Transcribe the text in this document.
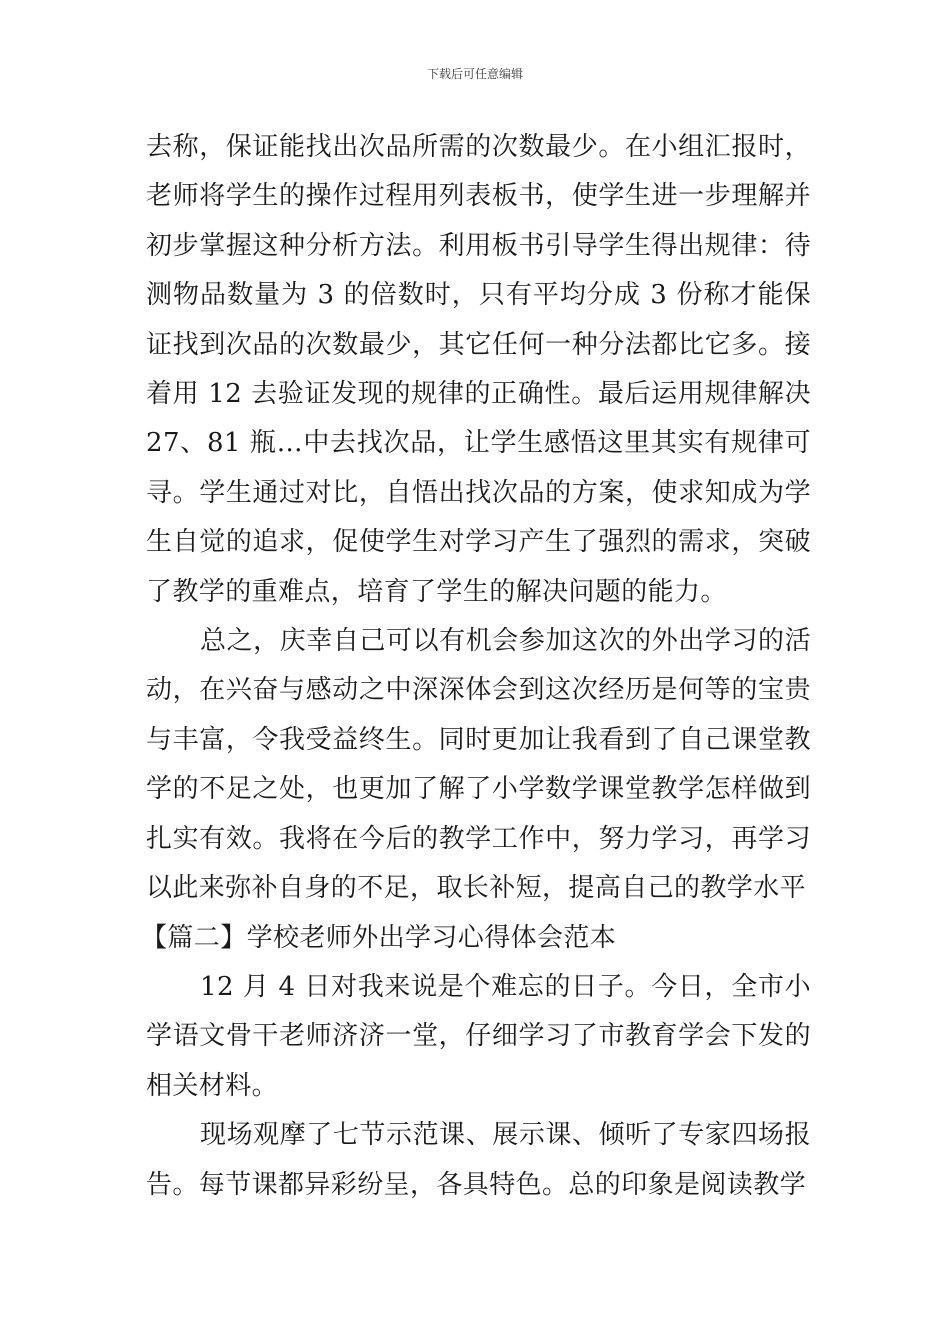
下载后可任意编辑

去称，保证能找出次品所需的次数最少。在小组汇报时，老师将学生的操作过程用列表板书，使学生进一步理解并初步掌握这种分析方法。利用板书引导学生得出规律：待测物品数量为 3 的倍数时，只有平均分成 3 份称才能保证找到次品的次数最少，其它任何一种分法都比它多。接着用 12 去验证发现的规律的正确性。最后运用规律解决 27、81 瓶…中去找次品，让学生感悟这里其实有规律可寻。学生通过对比，自悟出找次品的方案，使求知成为学生自觉的追求，促使学生对学习产生了强烈的需求，突破了教学的重难点，培育了学生的解决问题的能力。

总之，庆幸自己可以有机会参加这次的外出学习的活动，在兴奋与感动之中深深体会到这次经历是何等的宝贵与丰富，令我受益终生。同时更加让我看到了自己课堂教学的不足之处，也更加了解了小学数学课堂教学怎样做到扎实有效。我将在今后的教学工作中，努力学习，再学习以此来弥补自身的不足，取长补短，提高自己的教学水平

【篇二】学校老师外出学习心得体会范本

12 月 4 日对我来说是个难忘的日子。今日，全市小学语文骨干老师济济一堂，仔细学习了市教育学会下发的相关材料。

现场观摩了七节示范课、展示课、倾听了专家四场报告。每节课都异彩纷呈，各具特色。总的印象是阅读教学
